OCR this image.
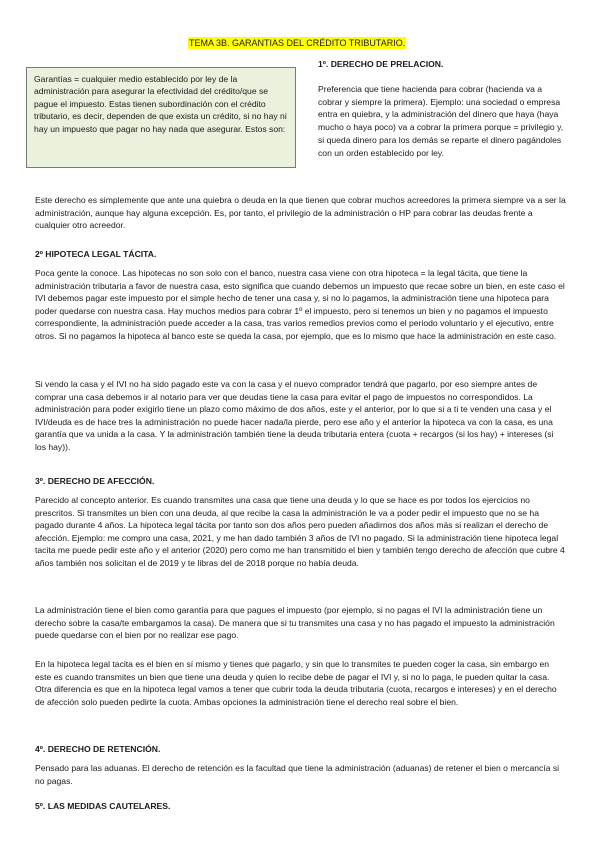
TEMA 3B. GARANTIAS DEL CRÉDITO TRIBUTARIO.
Garantías = cualquier medio establecido por ley de la administración para asegurar la efectividad del crédito/que se pague el impuesto. Estas tienen subordinación con el crédito tributario, es decir, dependen de que exista un crédito, si no hay ni hay un impuesto que pagar no hay nada que asegurar. Estos son:

1º. DERECHO DE PRELACION.

Preferencia que tiene hacienda para cobrar (hacienda va a cobrar y siempre la primera). Ejemplo: una sociedad o empresa entra en quiebra, y la administración del dinero que haya (haya mucho o haya poco) va a cobrar la primera porque = privilegio y, si queda dinero para los demás se reparte el dinero pagándoles con un orden establecido por ley.

Este derecho es simplemente que ante una quiebra o deuda en la que tienen que cobrar muchos acreedores la primera siempre va a ser la administración, aunque hay alguna excepción. Es, por tanto, el privilegio de la administración o HP para cobrar las deudas frente a cualquier otro acreedor.

2º HIPOTECA LEGAL TÁCITA.

Poca gente la conoce. Las hipotecas no son solo con el banco, nuestra casa viene con otra hipoteca = la legal tácita, que tiene la administración tributaria a favor de nuestra casa, esto significa que cuando debemos un impuesto que recae sobre un bien, en este caso el IVI debemos pagar este impuesto por el simple hecho de tener una casa y, si no lo pagamos, la administración tiene una hipoteca para poder quedarse con nuestra casa. Hay muchos medios para cobrar 1º el impuesto, pero si tenemos un bien y no pagamos el impuesto correspondiente, la administración puede acceder a la casa, tras varios remedios previos como el periodo voluntario y el ejecutivo, entre otros. Si no pagamos la hipoteca al banco este se queda la casa, por ejemplo, que es lo mismo que hace la administración en este caso.

Si vendo la casa y el IVI no ha sido pagado este va con la casa y el nuevo comprador tendrá que pagarlo, por eso siempre antes de comprar una casa debemos ir al notario para ver que deudas tiene la casa para evitar el pago de impuestos no correspondidos. La administración para poder exigirlo tiene un plazo como máximo de dos años, este y el anterior, por lo que si a ti te venden una casa y el IVI/deuda es de hace tres la administración no puede hacer nada/la pierde, pero ese año y el anterior la hipoteca va con la casa, es una garantía que va unida a la casa. Y la administración también tiene la deuda tributaria entera (cuota + recargos (si los hay) + intereses (si los hay)).

3º. DERECHO DE AFECCIÓN.

Parecido al concepto anterior. Es cuando transmites una casa que tiene una deuda y lo que se hace es por todos los ejercicios no prescritos. Si transmites un bien con una deuda, al que recibe la casa la administración le va a poder pedir el impuesto que no se ha pagado durante 4 años. La hipoteca legal tácita por tanto son dos años pero pueden añadirnos dos años más si realizan el derecho de afección. Ejemplo: me compro una casa, 2021, y me han dado también 3 años de IVI no pagado. Si la administración tiene hipoteca legal tacita me puede pedir este año y el anterior (2020) pero como me han transmitido el bien y también tengo derecho de afección que cubre 4 años también nos solicitan el de 2019 y te libras del de 2018 porque no había deuda.

La administración tiene el bien como garantía para que pagues el impuesto (por ejemplo, si no pagas el IVI la administración tiene un derecho sobre la casa/te embargamos la casa). De manera que si tu transmites una casa y no has pagado el impuesto la administración puede quedarse con el bien por no realizar ese pago.

En la hipoteca legal tacita es el bien en sí mismo y tienes que pagarlo, y sin que lo transmites te pueden coger la casa, sin embargo en este es cuando transmites un bien que tiene una deuda y quien lo recibe debe de pagar el IVI y, si no lo paga, le pueden quitar la casa. Otra diferencia es que en la hipoteca legal vamos a tener que cubrir toda la deuda tributaria (cuota, recargos e intereses) y en el derecho de afección solo pueden pedirte la cuota. Ambas opciones la administración tiene el derecho real sobre el bien.

4º. DERECHO DE RETENCIÓN.

Pensado para las aduanas. El derecho de retención es la facultad que tiene la administración (aduanas) de retener el bien o mercancía si no pagas.

5º. LAS MEDIDAS CAUTELARES.
